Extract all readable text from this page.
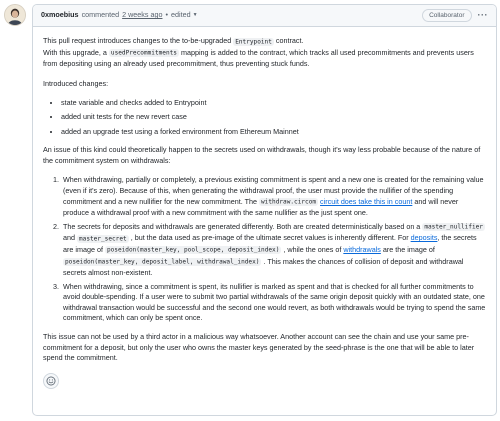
0xmoebius commented 2 weeks ago • edited ▼	Collaborator	···

This pull request introduces changes to the to-be-upgraded Entrypoint contract.
With this upgrade, a usedPrecommitments mapping is added to the contract, which tracks all used precommitments and prevents users from depositing using an already used precommitment, thus preventing stuck funds.

Introduced changes:

• state variable and checks added to Entrypoint
• added unit tests for the new revert case
• added an upgrade test using a forked environment from Ethereum Mainnet

An issue of this kind could theoretically happen to the secrets used on withdrawals, though it's way less probable because of the nature of the commitment system on withdrawals:

1. When withdrawing, partially or completely, a previous existing commitment is spent and a new one is created for the remaining value (even if it's zero). Because of this, when generating the withdrawal proof, the user must provide the nullifier of the spending commitment and a new nullifier for the new commitment. The withdraw.circom circuit does take this in count and will never produce a withdrawal proof with a new commitment with the same nullifier as the just spent one.
2. The secrets for deposits and withdrawals are generated differently. Both are created deterministically based on a master_nullifier and master_secret , but the data used as pre-image of the ultimate secret values is inherently different. For deposits, the secrets are image of poseidon(master_key, pool_scope, deposit_index) , while the ones of withdrawals are the image of poseidon(master_key, deposit_label, withdrawal_index) . This makes the chances of collision of deposit and withdrawal secrets almost non-existent.
3. When withdrawing, since a commitment is spent, its nullifier is marked as spent and that is checked for all further commitments to avoid double-spending. If a user were to submit two partial withdrawals of the same origin deposit quickly with an outdated state, one withdrawal transaction would be successful and the second one would revert, as both withdrawals would be trying to spend the same commitment, which can only be spent once.

This issue can not be used by a third actor in a malicious way whatsoever. Another account can see the chain and use your same pre-commitment for a deposit, but only the user who owns the master keys generated by the seed-phrase is the one that will be able to later spend the commitment.
